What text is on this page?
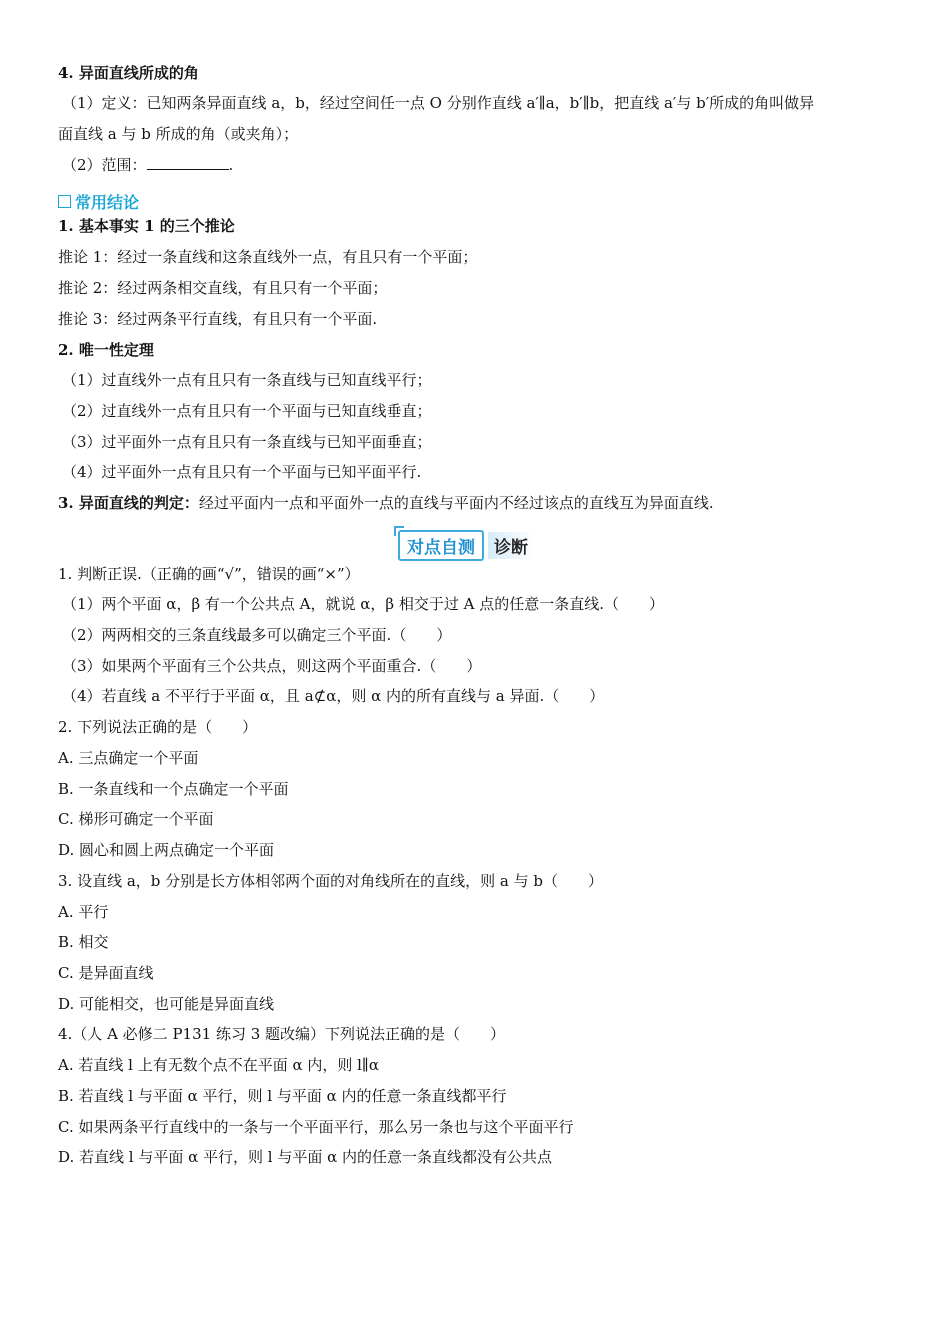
4. 异面直线所成的角
（1）定义：已知两条异面直线 a，b，经过空间任一点 O 分别作直线 a′∥a，b′∥b，把直线 a′与 b′所成的角叫做异
面直线 a 与 b 所成的角（或夹角）；
（2）范围：	.
常用结论
1. 基本事实 1 的三个推论
推论 1：经过一条直线和这条直线外一点，有且只有一个平面；
推论 2：经过两条相交直线，有且只有一个平面；
推论 3：经过两条平行直线，有且只有一个平面.
2. 唯一性定理
（1）过直线外一点有且只有一条直线与已知直线平行；
（2）过直线外一点有且只有一个平面与已知直线垂直；
（3）过平面外一点有且只有一条直线与已知平面垂直；
（4）过平面外一点有且只有一个平面与已知平面平行.
3. 异面直线的判定：经过平面内一点和平面外一点的直线与平面内不经过该点的直线互为异面直线.
对点自测	诊断
1. 判断正误.（正确的画“√”，错误的画“×”）
（1）两个平面 α，β 有一个公共点 A，就说 α，β 相交于过 A 点的任意一条直线.（　　）
（2）两两相交的三条直线最多可以确定三个平面.（　　）
（3）如果两个平面有三个公共点，则这两个平面重合.（　　）
（4）若直线 a 不平行于平面 α，且 a⊄α，则 α 内的所有直线与 a 异面.（　　）
2. 下列说法正确的是（　　）
A. 三点确定一个平面
B. 一条直线和一个点确定一个平面
C. 梯形可确定一个平面
D. 圆心和圆上两点确定一个平面
3. 设直线 a，b 分别是长方体相邻两个面的对角线所在的直线，则 a 与 b（　　）
A. 平行
B. 相交
C. 是异面直线
D. 可能相交，也可能是异面直线
4.（人 A 必修二 P131 练习 3 题改编）下列说法正确的是（　　）
A. 若直线 l 上有无数个点不在平面 α 内，则 l∥α
B. 若直线 l 与平面 α 平行，则 l 与平面 α 内的任意一条直线都平行
C. 如果两条平行直线中的一条与一个平面平行，那么另一条也与这个平面平行
D. 若直线 l 与平面 α 平行，则 l 与平面 α 内的任意一条直线都没有公共点
